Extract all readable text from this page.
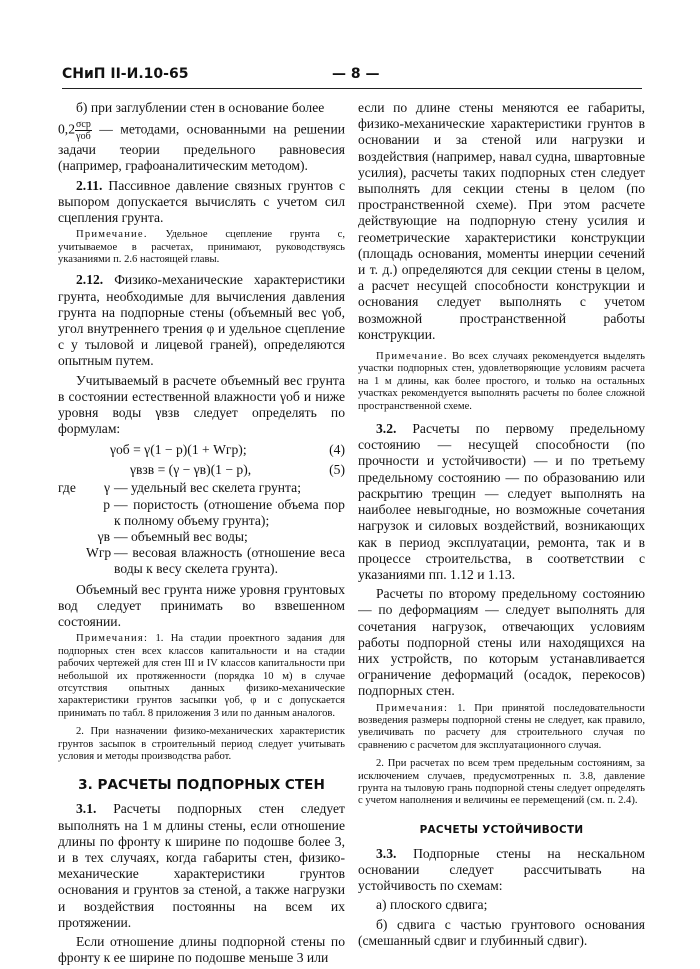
СНиП II-И.10-65	— 8 —

б) при заглублении стен в основание более

$0,2 \frac{\text{σср}}{\text{γоб}}$ — методами, основанными на решении задачи теории предельного равновесия (например, графоаналитическим методом).

2.11. Пассивное давление связных грунтов с выпором допускается вычислять с учетом сил сцепления грунта.

Примечание. Удельное сцепление грунта c, учитываемое в расчетах, принимают, руководствуясь указаниями п. 2.6 настоящей главы.

2.12. Физико-механические характеристики грунта, необходимые для вычисления давления грунта на подпорные стены (объемный вес γоб, угол внутреннего трения φ и удельное сцепление c у тыловой и лицевой граней), определяются опытным путем.

Учитываемый в расчете объемный вес грунта в состоянии естественной влажности γоб и ниже уровня воды γвзв следует определять по формулам:

γоб = γ(1 − p)(1 + Wгр);	(4)
γвзв = (γ − γв)(1 − p),	(5)
где	γ — удельный вес скелета грунта;
p — пористость (отношение объема пор к полному объему грунта);
γв — объемный вес воды;
Wгр — весовая влажность (отношение веса воды к весу скелета грунта).

Объемный вес грунта ниже уровня грунтовых вод следует принимать во взвешенном состоянии.

Примечания: 1. На стадии проектного задания для подпорных стен всех классов капитальности и на стадии рабочих чертежей для стен III и IV классов капитальности при небольшой их протяженности (порядка 10 м) в случае отсутствия опытных данных физико-механические характеристики грунтов засыпки γоб, φ и c допускается принимать по табл. 8 приложения 3 или по данным аналогов.

2. При назначении физико-механических характеристик грунтов засыпок в строительный период следует учитывать условия и методы производства работ.

3. РАСЧЕТЫ ПОДПОРНЫХ СТЕН

3.1. Расчеты подпорных стен следует выполнять на 1 м длины стены, если отношение длины по фронту к ширине по подошве более 3, и в тех случаях, когда габариты стен, физико-механические характеристики грунтов основания и грунтов за стеной, а также нагрузки и воздействия постоянны на всем их протяжении.

Если отношение длины подпорной стены по фронту к ее ширине по подошве меньше 3 или

если по длине стены меняются ее габариты, физико-механические характеристики грунтов в основании и за стеной или нагрузки и воздействия (например, навал судна, швартовные усилия), расчеты таких подпорных стен следует выполнять для секции стены в целом (по пространственной схеме). При этом расчете действующие на подпорную стену усилия и геометрические характеристики конструкции (площадь основания, моменты инерции сечений и т. д.) определяются для секции стены в целом, а расчет несущей способности конструкции и основания следует выполнять с учетом возможной пространственной работы конструкции.

Примечание. Во всех случаях рекомендуется выделять участки подпорных стен, удовлетворяющие условиям расчета на 1 м длины, как более простого, и только на остальных участках рекомендуется выполнять расчеты по более сложной пространственной схеме.

3.2. Расчеты по первому предельному состоянию — несущей способности (по прочности и устойчивости) — и по третьему предельному состоянию — по образованию или раскрытию трещин — следует выполнять на наиболее невыгодные, но возможные сочетания нагрузок и силовых воздействий, возникающих как в период эксплуатации, ремонта, так и в процессе строительства, в соответствии с указаниями пп. 1.12 и 1.13.

Расчеты по второму предельному состоянию — по деформациям — следует выполнять для сочетания нагрузок, отвечающих условиям работы подпорной стены или находящихся на них устройств, по которым устанавливается ограничение деформаций (осадок, перекосов) подпорных стен.

Примечания: 1. При принятой последовательности возведения размеры подпорной стены не следует, как правило, увеличивать по расчету для строительного случая по сравнению с расчетом для эксплуатационного случая.

2. При расчетах по всем трем предельным состояниям, за исключением случаев, предусмотренных п. 3.8, давление грунта на тыловую грань подпорной стены следует определять с учетом наполнения и величины ее перемещений (см. п. 2.4).

РАСЧЕТЫ УСТОЙЧИВОСТИ

3.3. Подпорные стены на нескальном основании следует рассчитывать на устойчивость по схемам:

а) плоского сдвига;

б) сдвига с частью грунтового основания (смешанный сдвиг и глубинный сдвиг).
